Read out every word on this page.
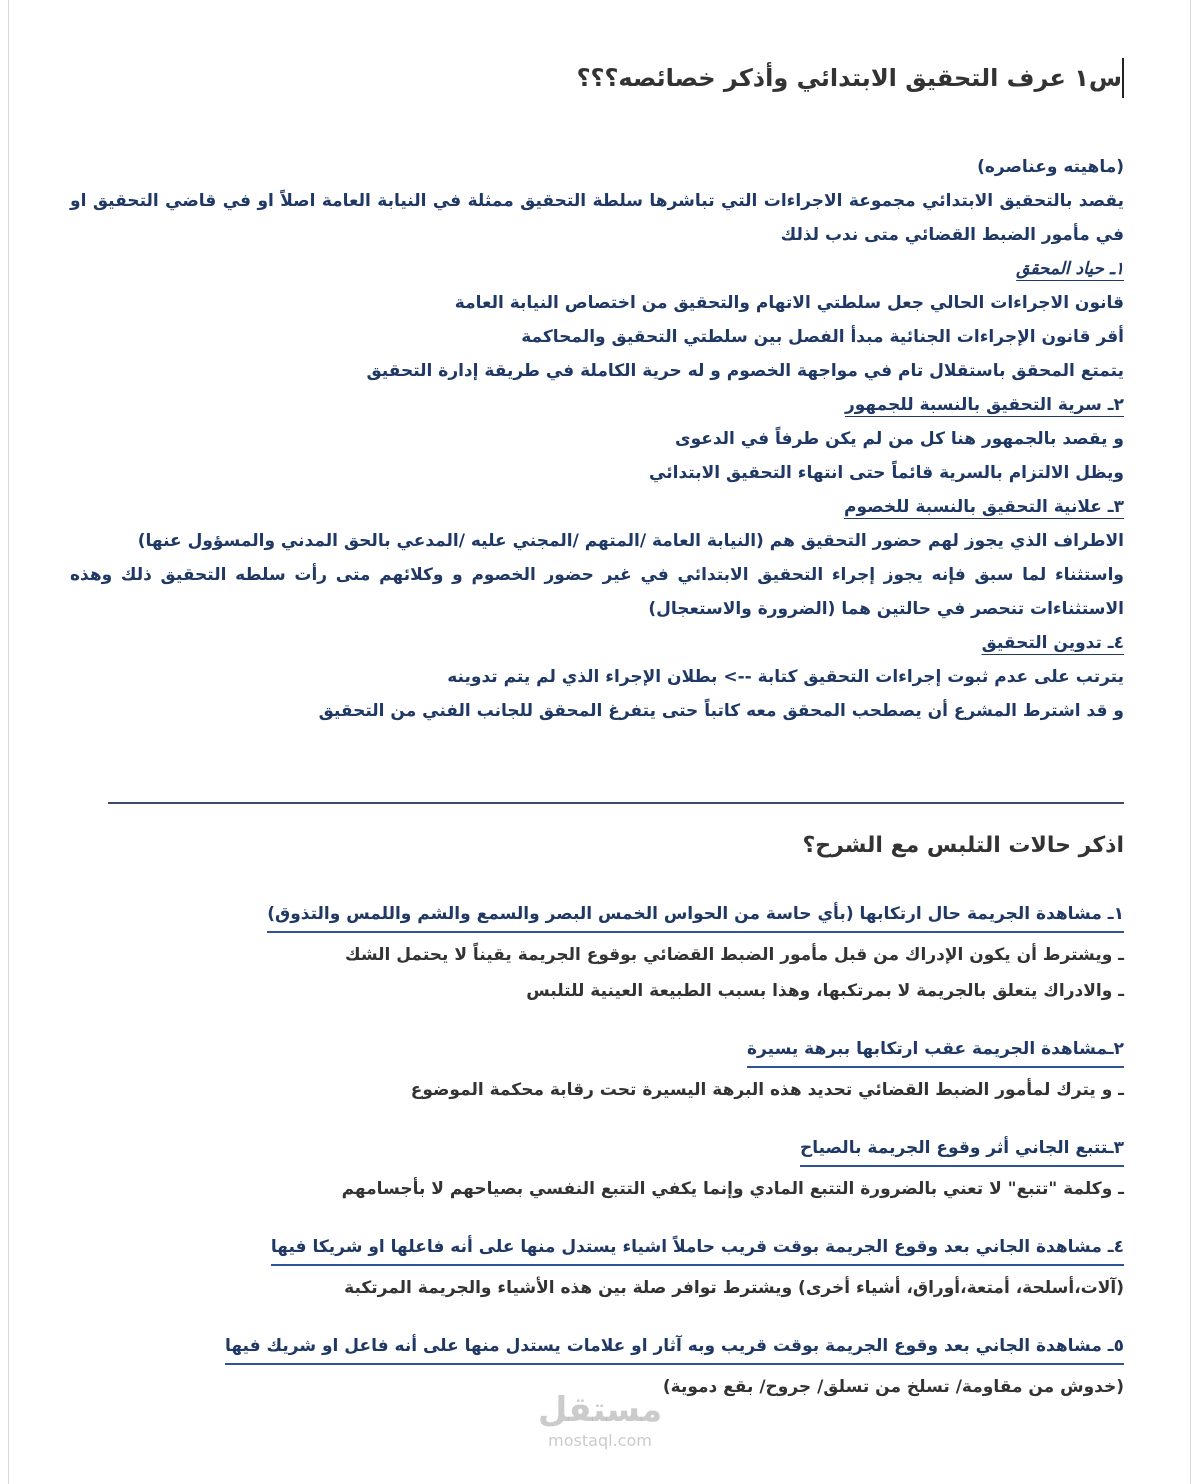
س١ عرف التحقيق الابتدائي وأذكر خصائصه؟؟؟

(ماهيته وعناصره)

يقصد بالتحقيق الابتدائي مجموعة الاجراءات التي تباشرها سلطة التحقيق ممثلة في النيابة العامة اصلاً او في قاضي التحقيق او في مأمور الضبط القضائي متى ندب لذلك

١ـ حياد المحقق

قانون الاجراءات الحالي جعل سلطتي الاتهام والتحقيق من اختصاص النيابة العامة

أقر قانون الإجراءات الجنائية مبدأ الفصل بين سلطتي التحقيق والمحاكمة

يتمتع المحقق باستقلال تام في مواجهة الخصوم و له حرية الكاملة في طريقة إدارة التحقيق

٢ـ سرية التحقيق بالنسبة للجمهور

و يقصد بالجمهور هنا كل من لم يكن طرفاً في الدعوى

ويظل الالتزام بالسرية قائماً حتى انتهاء التحقيق الابتدائي

٣ـ علانية التحقيق بالنسبة للخصوم

الاطراف الذي يجوز لهم حضور التحقيق هم (النيابة العامة /المتهم /المجني عليه /المدعي بالحق المدني والمسؤول عنها)

واستثناء لما سبق فإنه يجوز إجراء التحقيق الابتدائي في غير حضور الخصوم و وكلائهم متى رأت سلطه التحقيق ذلك وهذه الاستثناءات تنحصر في حالتين هما (الضرورة والاستعجال)

٤ـ تدوين التحقيق

يترتب على عدم ثبوت إجراءات التحقيق كتابة --> بطلان الإجراء الذي لم يتم تدوينه

و قد اشترط المشرع أن يصطحب المحقق معه كاتباً حتى يتفرغ المحقق للجانب الفني من التحقيق

اذكر حالات التلبس مع الشرح؟

١ـ مشاهدة الجريمة حال ارتكابها (بأي حاسة من الحواس الخمس البصر والسمع والشم واللمس والتذوق)

ـ ويشترط أن يكون الإدراك من قبل مأمور الضبط القضائي بوقوع الجريمة يقيناً لا يحتمل الشك

ـ والادراك يتعلق بالجريمة لا بمرتكبها، وهذا بسبب الطبيعة العينية للتلبس

٢ـمشاهدة الجريمة عقب ارتكابها ببرهة يسيرة

ـ و يترك لمأمور الضبط القضائي تحديد هذه البرهة اليسيرة تحت رقابة محكمة الموضوع

٣ـتتبع الجاني أثر وقوع الجريمة بالصياح

ـ وكلمة "تتبع" لا تعني بالضرورة التتبع المادي وإنما يكفي التتبع النفسي بصياحهم لا بأجسامهم

٤ـ مشاهدة الجاني بعد وقوع الجريمة بوقت قريب حاملاً اشياء يستدل منها على أنه فاعلها او شريكا فيها

(آلات،أسلحة، أمتعة،أوراق، أشياء أخرى) ويشترط توافر صلة بين هذه الأشياء والجريمة المرتكبة

٥ـ مشاهدة الجاني بعد وقوع الجريمة بوقت قريب وبه آثار او علامات يستدل منها على أنه فاعل او شريك فيها

(خدوش من مقاومة/ تسلخ من تسلق/ جروح/ بقع دموية)

مستقل
mostaql.com
